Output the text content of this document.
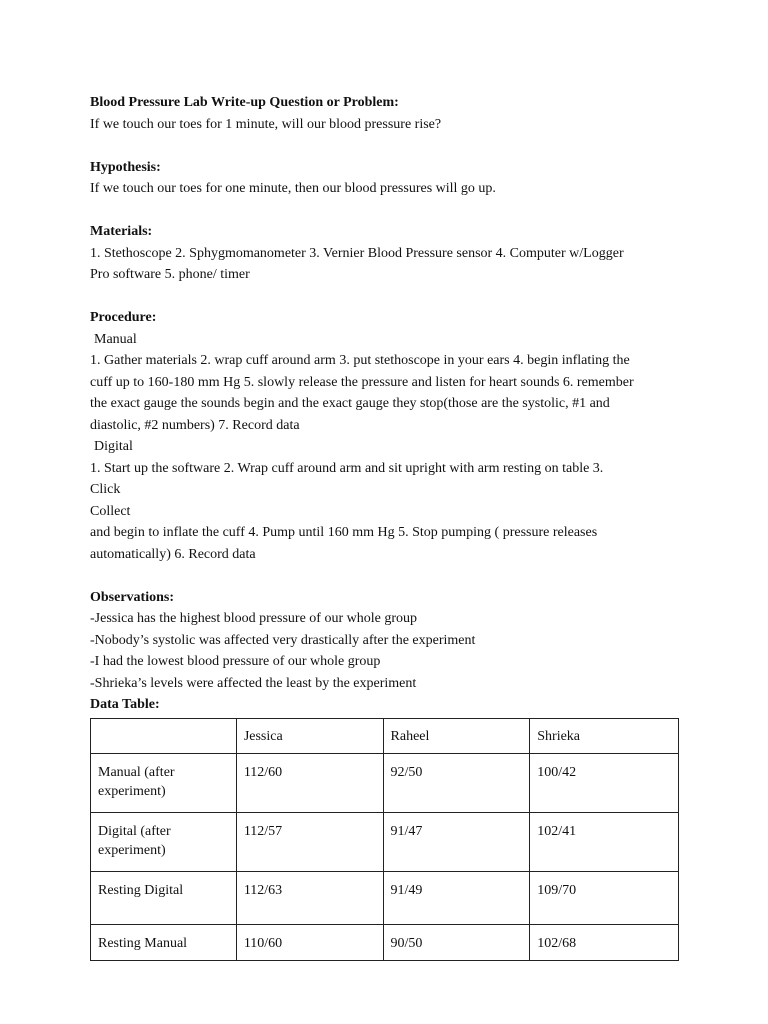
Blood Pressure Lab Write-up Question or Problem:

If we touch our toes for 1 minute, will our blood pressure rise?

Hypothesis:

If we touch our toes for one minute, then our blood pressures will go up.

Materials:

1. Stethoscope 2. Sphygmomanometer 3. Vernier Blood Pressure sensor 4. Computer w/Logger

Pro software 5. phone/ timer

Procedure:

Manual

1. Gather materials 2. wrap cuff around arm 3. put stethoscope in your ears 4. begin inflating the

cuff up to 160-180 mm Hg 5. slowly release the pressure and listen for heart sounds 6. remember

the exact gauge the sounds begin and the exact gauge they stop(those are the systolic, #1 and

diastolic, #2 numbers) 7. Record data

Digital

1. Start up the software 2. Wrap cuff around arm and sit upright with arm resting on table 3.

Click

Collect

and begin to inflate the cuff 4. Pump until 160 mm Hg 5. Stop pumping ( pressure releases

automatically) 6. Record data

Observations:

-Jessica has the highest blood pressure of our whole group

-Nobody’s systolic was affected very drastically after the experiment

-I had the lowest blood pressure of our whole group

-Shrieka’s levels were affected the least by the experiment

Data Table:

	Jessica	Raheel	Shrieka
Manual (after experiment)	112/60	92/50	100/42
Digital (after experiment)	112/57	91/47	102/41
Resting Digital	112/63	91/49	109/70
Resting Manual	110/60	90/50	102/68
